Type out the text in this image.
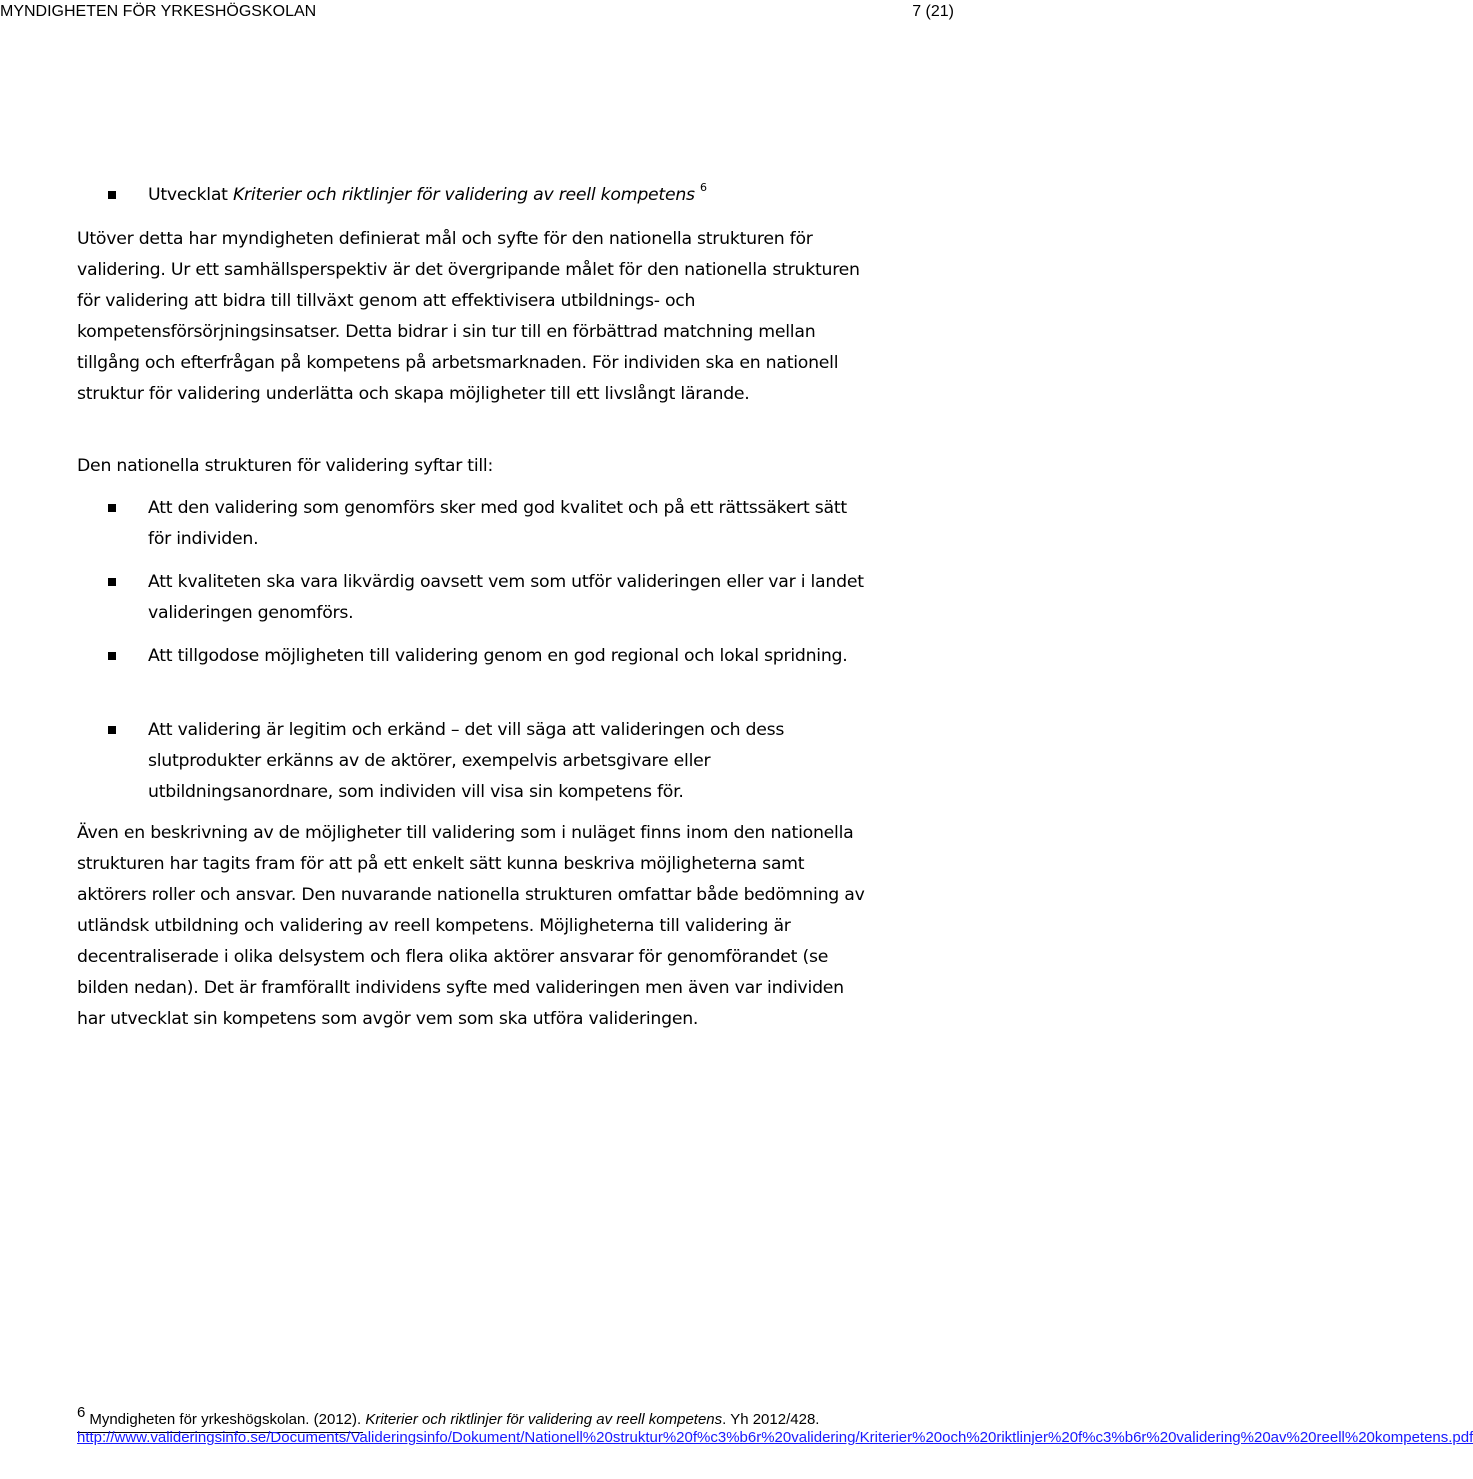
MYNDIGHETEN FÖR YRKESHÖGSKOLAN	7 (21)
Utvecklat Kriterier och riktlinjer för validering av reell kompetens $^6$

Utöver detta har myndigheten definierat mål och syfte för den nationella strukturen för validering. Ur ett samhällsperspektiv är det övergripande målet för den nationella strukturen för validering att bidra till tillväxt genom att effektivisera utbildnings- och kompetensförsörjningsinsatser. Detta bidrar i sin tur till en förbättrad matchning mellan tillgång och efterfrågan på kompetens på arbetsmarknaden. För individen ska en nationell struktur för validering underlätta och skapa möjligheter till ett livslångt lärande.

Den nationella strukturen för validering syftar till:

Att den validering som genomförs sker med god kvalitet och på ett rättssäkert sätt för individen.
Att kvaliteten ska vara likvärdig oavsett vem som utför valideringen eller var i landet valideringen genomförs.
Att tillgodose möjligheten till validering genom en god regional och lokal spridning.
Att validering är legitim och erkänd – det vill säga att valideringen och dess slutprodukter erkänns av de aktörer, exempelvis arbetsgivare eller utbildningsanordnare, som individen vill visa sin kompetens för.

Även en beskrivning av de möjligheter till validering som i nuläget finns inom den nationella strukturen har tagits fram för att på ett enkelt sätt kunna beskriva möjligheterna samt aktörers roller och ansvar. Den nuvarande nationella strukturen omfattar både bedömning av utländsk utbildning och validering av reell kompetens. Möjligheterna till validering är decentraliserade i olika delsystem och flera olika aktörer ansvarar för genomförandet (se bilden nedan). Det är framförallt individens syfte med valideringen men även var individen har utvecklat sin kompetens som avgör vem som ska utföra valideringen.

6 Myndigheten för yrkeshögskolan. (2012). Kriterier och riktlinjer för validering av reell kompetens. Yh 2012/428.
http://www.valideringsinfo.se/Documents/Valideringsinfo/Dokument/Nationell%20struktur%20f%c3%b6r%20validering/Kriterier%20och%20riktlinjer%20f%c3%b6r%20validering%20av%20reell%20kompetens.pdf
